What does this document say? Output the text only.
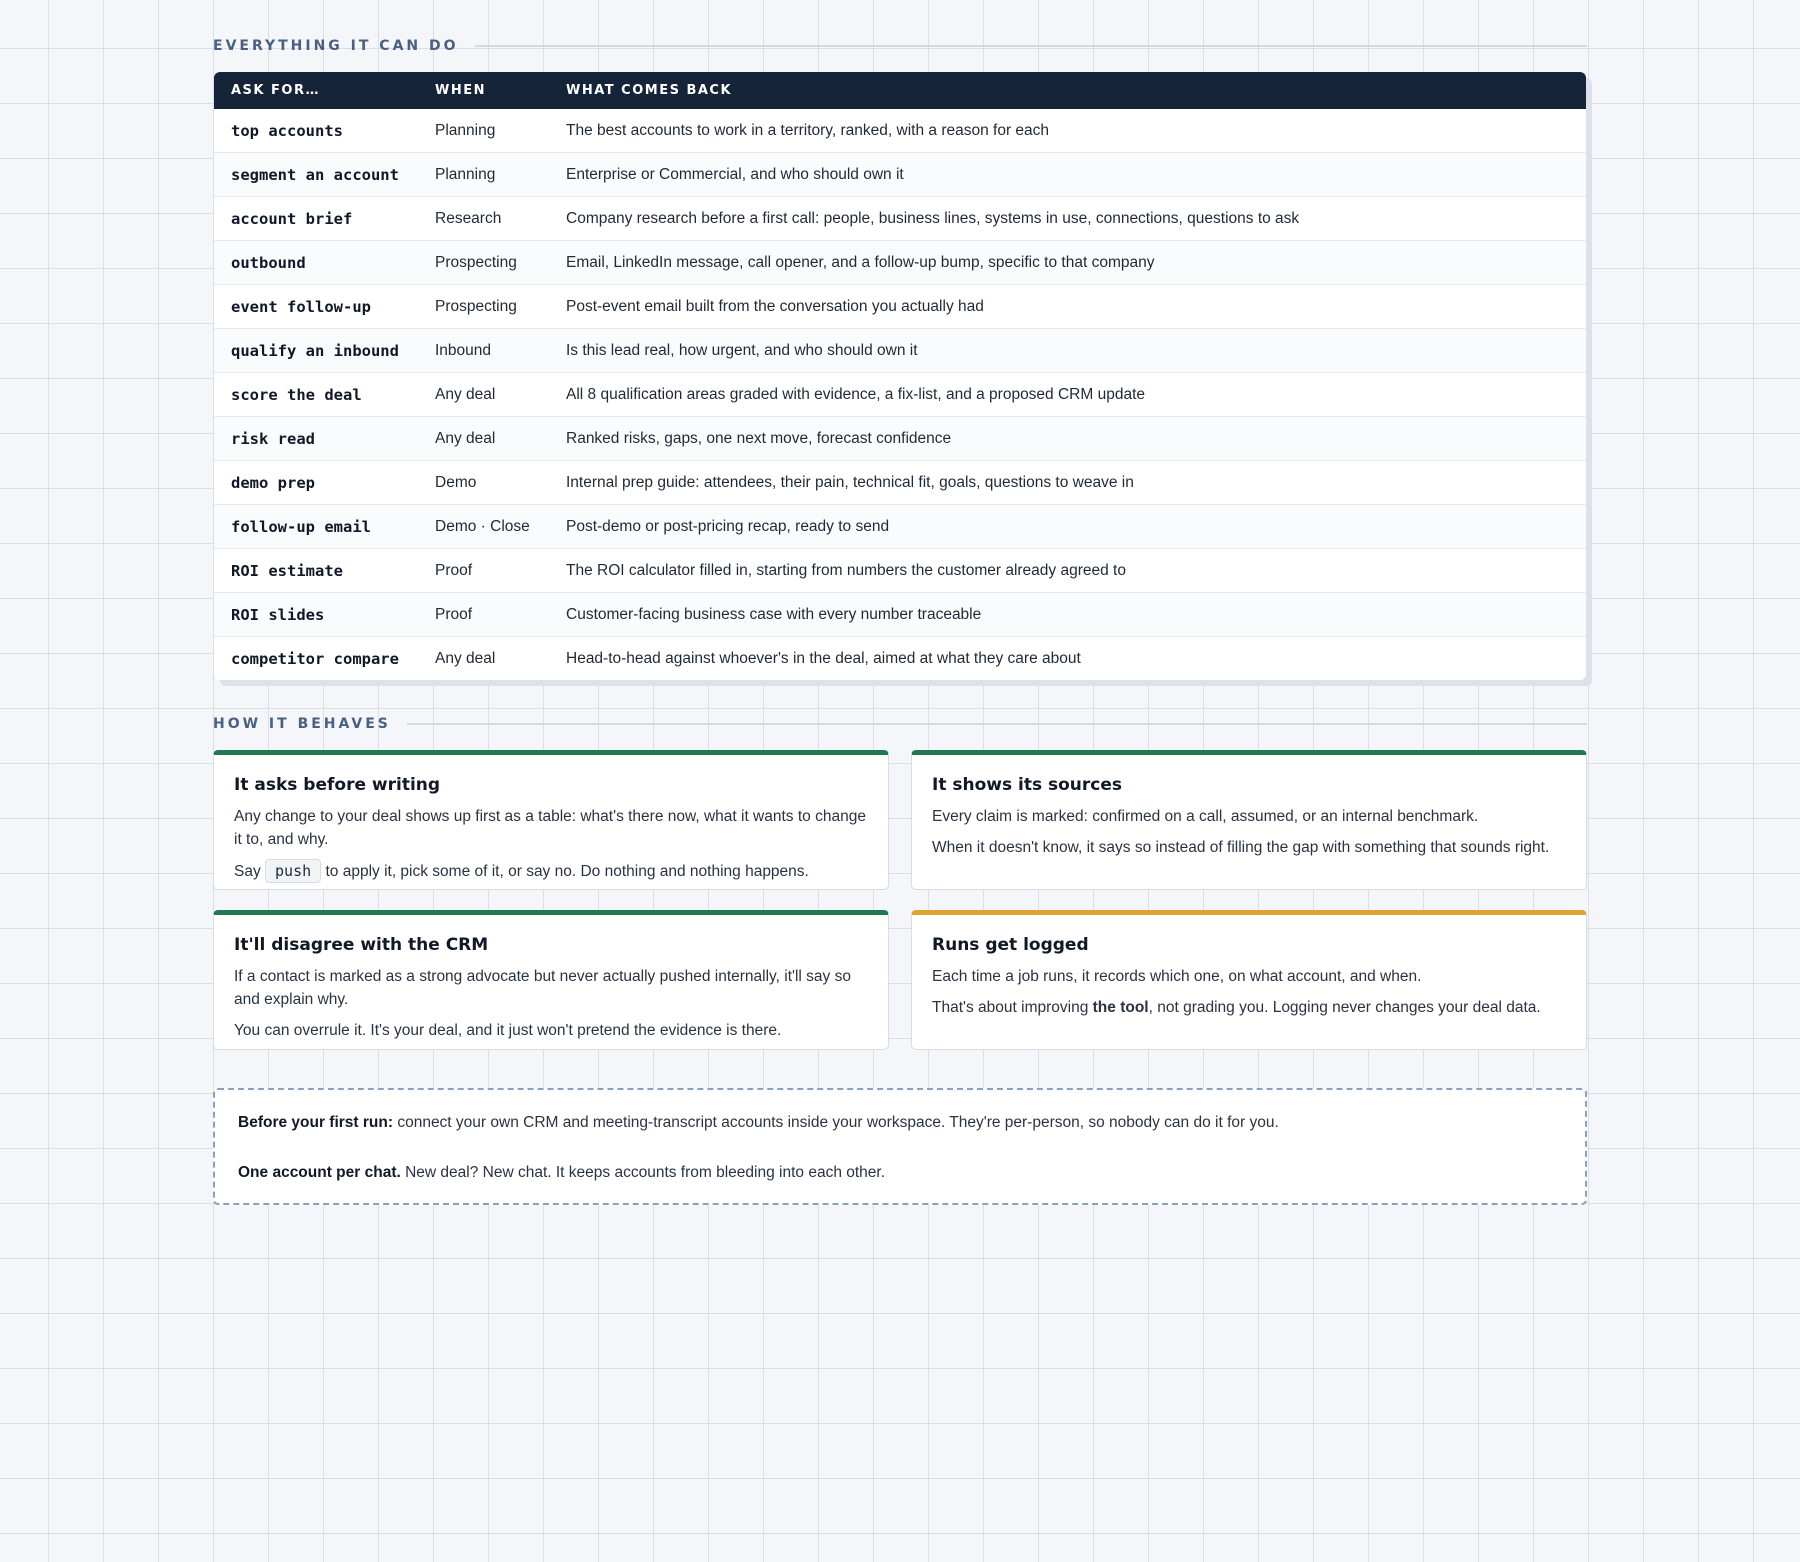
EVERYTHING IT CAN DO
ASK FOR…	WHEN	WHAT COMES BACK
top accounts	Planning	The best accounts to work in a territory, ranked, with a reason for each
segment an account	Planning	Enterprise or Commercial, and who should own it
account brief	Research	Company research before a first call: people, business lines, systems in use, connections, questions to ask
outbound	Prospecting	Email, LinkedIn message, call opener, and a follow-up bump, specific to that company
event follow-up	Prospecting	Post-event email built from the conversation you actually had
qualify an inbound	Inbound	Is this lead real, how urgent, and who should own it
score the deal	Any deal	All 8 qualification areas graded with evidence, a fix-list, and a proposed CRM update
risk read	Any deal	Ranked risks, gaps, one next move, forecast confidence
demo prep	Demo	Internal prep guide: attendees, their pain, technical fit, goals, questions to weave in
follow-up email	Demo · Close	Post-demo or post-pricing recap, ready to send
ROI estimate	Proof	The ROI calculator filled in, starting from numbers the customer already agreed to
ROI slides	Proof	Customer-facing business case with every number traceable
competitor compare	Any deal	Head-to-head against whoever's in the deal, aimed at what they care about
HOW IT BEHAVES
It asks before writing

Any change to your deal shows up first as a table: what's there now, what it wants to change it to, and why.

Say push to apply it, pick some of it, or say no. Do nothing and nothing happens.

It shows its sources

Every claim is marked: confirmed on a call, assumed, or an internal benchmark.

When it doesn't know, it says so instead of filling the gap with something that sounds right.

It'll disagree with the CRM

If a contact is marked as a strong advocate but never actually pushed internally, it'll say so and explain why.

You can overrule it. It's your deal, and it just won't pretend the evidence is there.

Runs get logged

Each time a job runs, it records which one, on what account, and when.

That's about improving the tool, not grading you. Logging never changes your deal data.

Before your first run: connect your own CRM and meeting-transcript accounts inside your workspace. They're per-person, so nobody can do it for you.

One account per chat. New deal? New chat. It keeps accounts from bleeding into each other.
